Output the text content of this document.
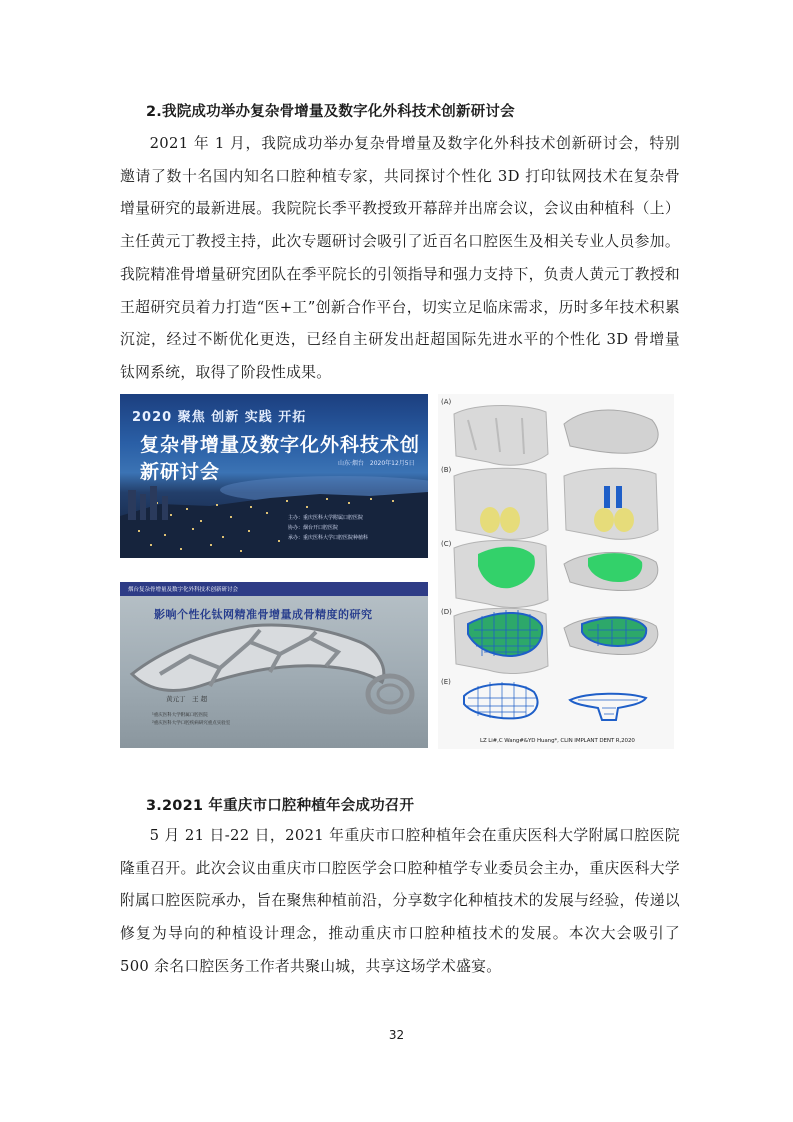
2.我院成功举办复杂骨增量及数字化外科技术创新研讨会

2021 年 1 月，我院成功举办复杂骨增量及数字化外科技术创新研讨会，特别邀请了数十名国内知名口腔种植专家，共同探讨个性化 3D 打印钛网技术在复杂骨增量研究的最新进展。我院院长季平教授致开幕辞并出席会议，会议由种植科（上）主任黄元丁教授主持，此次专题研讨会吸引了近百名口腔医生及相关专业人员参加。我院精准骨增量研究团队在季平院长的引领指导和强力支持下，负责人黄元丁教授和王超研究员着力打造“医+工”创新合作平台，切实立足临床需求，历时多年技术积累沉淀，经过不断优化更迭，已经自主研发出赶超国际先进水平的个性化 3D 骨增量钛网系统，取得了阶段性成果。

2020 聚焦 创新 实践 开拓
复杂骨增量及数字化外科技术创新研讨会	山东·烟台　2020年12月5日
主办：重庆医科大学附属口腔医院
协办：烟台开口腔医院
承办：重庆医科大学口腔医院种植科
烟台复杂骨增量及数字化外科技术创新研讨会
影响个性化钛网精准骨增量成骨精度的研究
黄元丁　王 超
¹重庆医科大学附属口腔医院
²重庆医科大学口腔疾病研究重点实验室
(A)
(B)
(C)
(D)
(E)
LZ Li#,C Wang#&YD Huang*, CLIN IMPLANT DENT R,2020
3.2021 年重庆市口腔种植年会成功召开

5 月 21 日-22 日，2021 年重庆市口腔种植年会在重庆医科大学附属口腔医院隆重召开。此次会议由重庆市口腔医学会口腔种植学专业委员会主办，重庆医科大学附属口腔医院承办，旨在聚焦种植前沿，分享数字化种植技术的发展与经验，传递以修复为导向的种植设计理念，推动重庆市口腔种植技术的发展。本次大会吸引了 500 余名口腔医务工作者共聚山城，共享这场学术盛宴。

32
